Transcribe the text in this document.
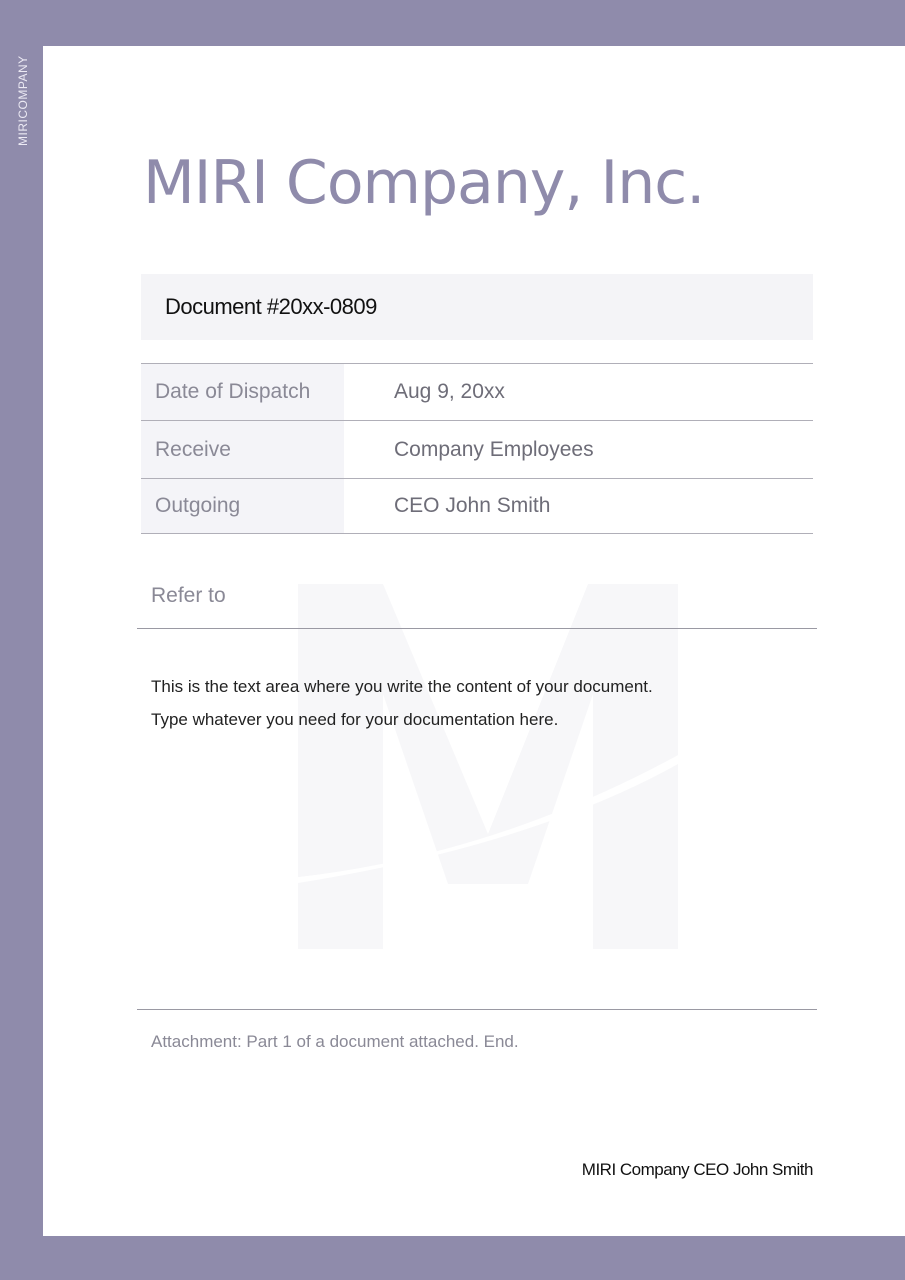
MIRICOMPANY
MIRI Company, Inc.
Document #20xx-0809
Date of Dispatch	Aug 9, 20xx
Receive	Company Employees
Outgoing	CEO John Smith
Refer to
This is the text area where you write the content of your document.
Type whatever you need for your documentation here.
Attachment: Part 1 of a document attached. End.
MIRI Company CEO John Smith
